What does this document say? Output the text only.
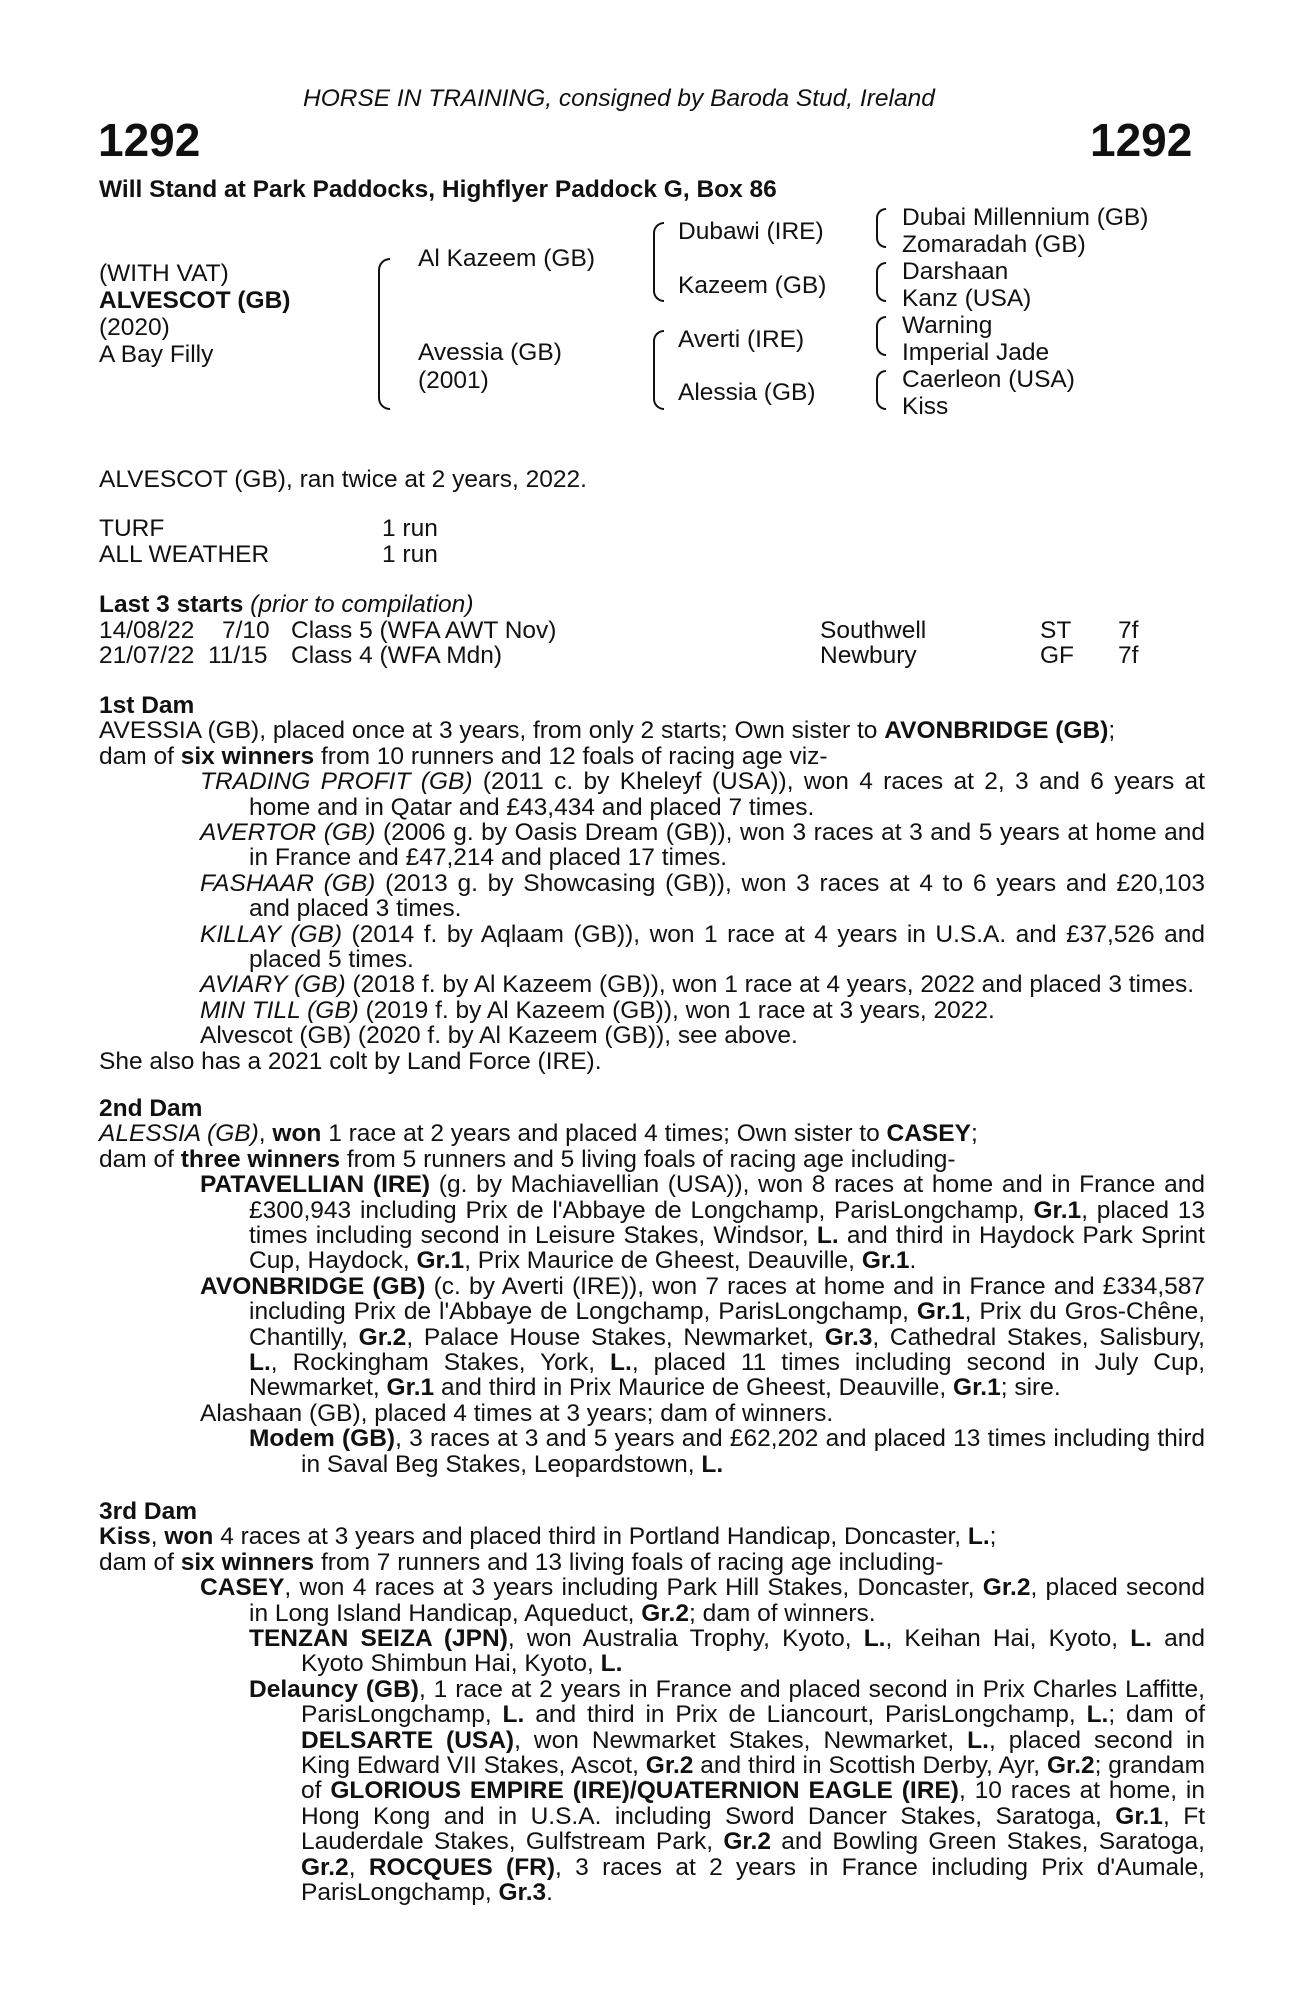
HORSE IN TRAINING, consigned by Baroda Stud, Ireland
1292	1292
Will Stand at Park Paddocks, Highflyer Paddock G, Box 86
(WITH VAT)
ALVESCOT (GB)
(2020)
A Bay Filly
Al Kazeem (GB)
Avessia (GB)
(2001)
Dubawi (IRE)
Kazeem (GB)
Averti (IRE)
Alessia (GB)
Dubai Millennium (GB)
Zomaradah (GB)
Darshaan
Kanz (USA)
Warning
Imperial Jade
Caerleon (USA)
Kiss
ALVESCOT (GB), ran twice at 2 years, 2022.
TURF	1 run
ALL WEATHER	1 run
Last 3 starts (prior to compilation)
14/08/22 7/10 Class 5 (WFA AWT Nov)	Southwell	ST 7f
21/07/22 11/15 Class 4 (WFA Mdn)	Newbury	GF 7f

1st Dam

AVESSIA (GB), placed once at 3 years, from only 2 starts; Own sister to AVONBRIDGE (GB);

dam of six winners from 10 runners and 12 foals of racing age viz-

TRADING PROFIT (GB) (2011 c. by Kheleyf (USA)), won 4 races at 2, 3 and 6 years at home and in Qatar and £43,434 and placed 7 times.

AVERTOR (GB) (2006 g. by Oasis Dream (GB)), won 3 races at 3 and 5 years at home and in France and £47,214 and placed 17 times.

FASHAAR (GB) (2013 g. by Showcasing (GB)), won 3 races at 4 to 6 years and £20,103 and placed 3 times.

KILLAY (GB) (2014 f. by Aqlaam (GB)), won 1 race at 4 years in U.S.A. and £37,526 and placed 5 times.

AVIARY (GB) (2018 f. by Al Kazeem (GB)), won 1 race at 4 years, 2022 and placed 3 times.

MIN TILL (GB) (2019 f. by Al Kazeem (GB)), won 1 race at 3 years, 2022.

Alvescot (GB) (2020 f. by Al Kazeem (GB)), see above.

She also has a 2021 colt by Land Force (IRE).

2nd Dam

ALESSIA (GB), won 1 race at 2 years and placed 4 times; Own sister to CASEY;

dam of three winners from 5 runners and 5 living foals of racing age including-

PATAVELLIAN (IRE) (g. by Machiavellian (USA)), won 8 races at home and in France and £300,943 including Prix de l'Abbaye de Longchamp, ParisLongchamp, Gr.1, placed 13 times including second in Leisure Stakes, Windsor, L. and third in Haydock Park Sprint Cup, Haydock, Gr.1, Prix Maurice de Gheest, Deauville, Gr.1.

AVONBRIDGE (GB) (c. by Averti (IRE)), won 7 races at home and in France and £334,587 including Prix de l'Abbaye de Longchamp, ParisLongchamp, Gr.1, Prix du Gros-Chêne, Chantilly, Gr.2, Palace House Stakes, Newmarket, Gr.3, Cathedral Stakes, Salisbury, L., Rockingham Stakes, York, L., placed 11 times including second in July Cup, Newmarket, Gr.1 and third in Prix Maurice de Gheest, Deauville, Gr.1; sire.

Alashaan (GB), placed 4 times at 3 years; dam of winners.

Modem (GB), 3 races at 3 and 5 years and £62,202 and placed 13 times including third in Saval Beg Stakes, Leopardstown, L.

3rd Dam

Kiss, won 4 races at 3 years and placed third in Portland Handicap, Doncaster, L.;

dam of six winners from 7 runners and 13 living foals of racing age including-

CASEY, won 4 races at 3 years including Park Hill Stakes, Doncaster, Gr.2, placed second in Long Island Handicap, Aqueduct, Gr.2; dam of winners.

TENZAN SEIZA (JPN), won Australia Trophy, Kyoto, L., Keihan Hai, Kyoto, L. and Kyoto Shimbun Hai, Kyoto, L.

Delauncy (GB), 1 race at 2 years in France and placed second in Prix Charles Laffitte, ParisLongchamp, L. and third in Prix de Liancourt, ParisLongchamp, L.; dam of DELSARTE (USA), won Newmarket Stakes, Newmarket, L., placed second in King Edward VII Stakes, Ascot, Gr.2 and third in Scottish Derby, Ayr, Gr.2; grandam of GLORIOUS EMPIRE (IRE)/QUATERNION EAGLE (IRE), 10 races at home, in Hong Kong and in U.S.A. including Sword Dancer Stakes, Saratoga, Gr.1, Ft Lauderdale Stakes, Gulfstream Park, Gr.2 and Bowling Green Stakes, Saratoga, Gr.2, ROCQUES (FR), 3 races at 2 years in France including Prix d'Aumale, ParisLongchamp, Gr.3.
